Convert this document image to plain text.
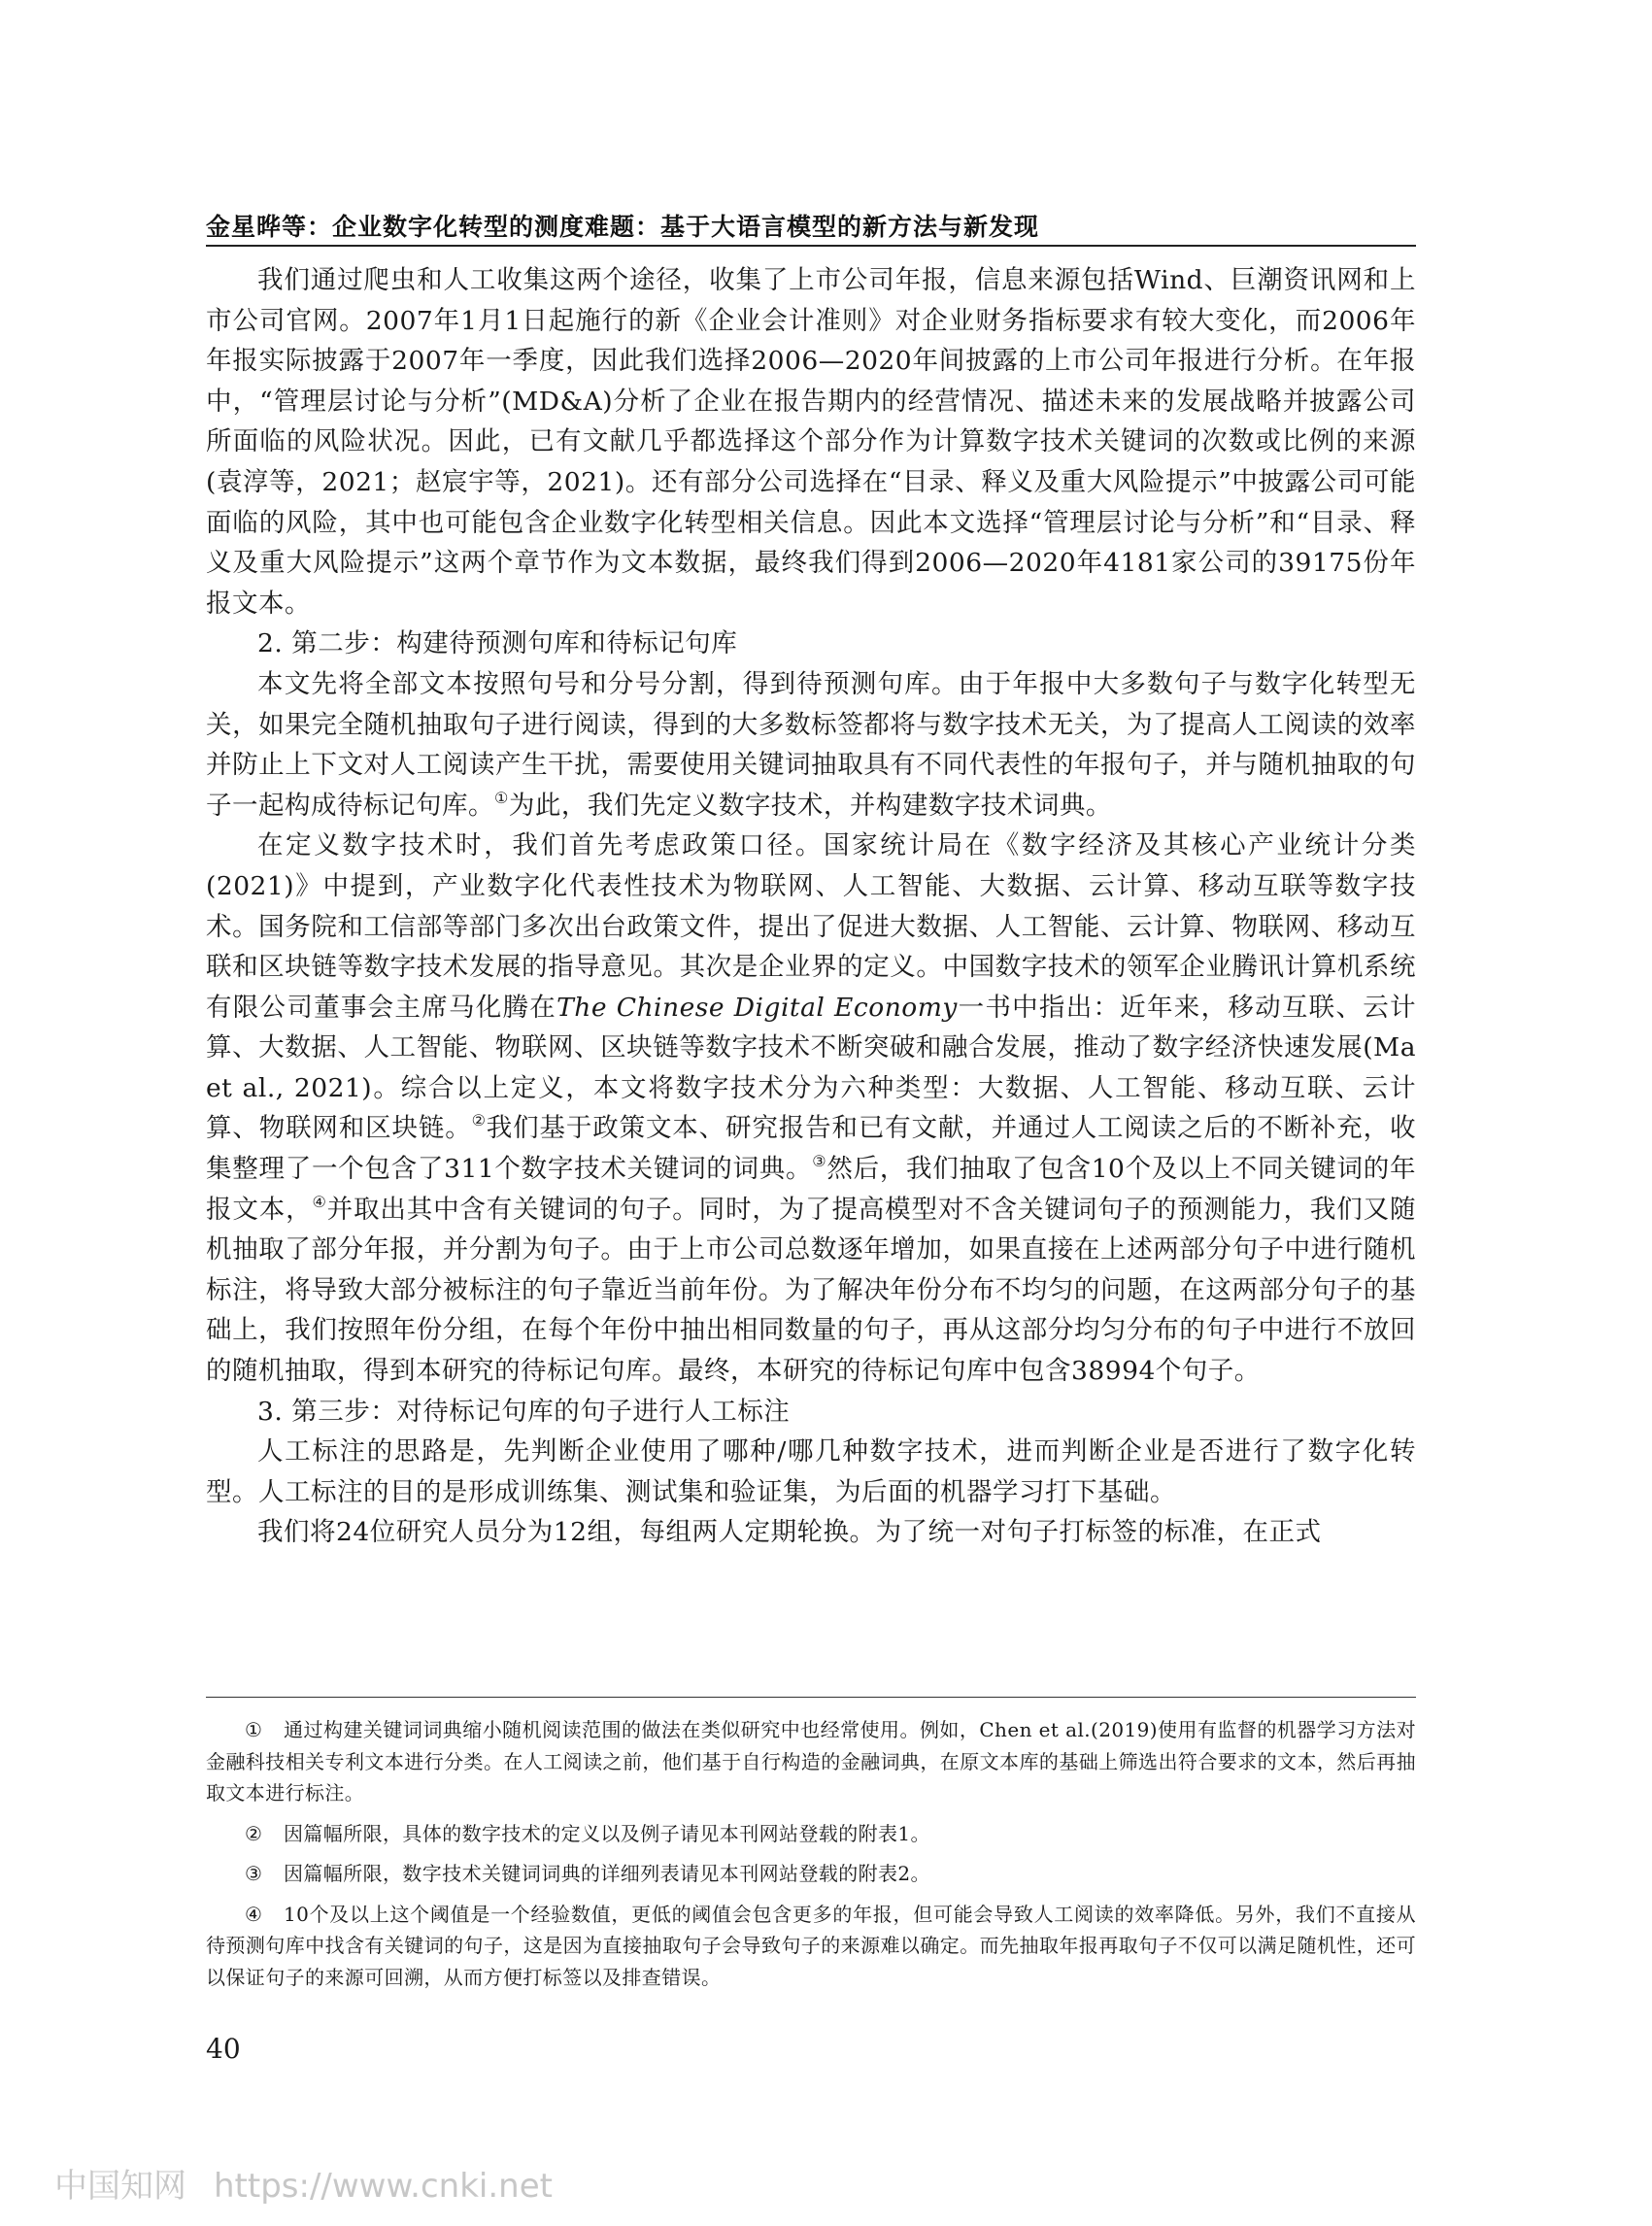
金星晔等：企业数字化转型的测度难题：基于大语言模型的新方法与新发现

我们通过爬虫和人工收集这两个途径，收集了上市公司年报，信息来源包括Wind、巨潮资讯网和上市公司官网。2007年1月1日起施行的新《企业会计准则》对企业财务指标要求有较大变化，而2006年年报实际披露于2007年一季度，因此我们选择2006—2020年间披露的上市公司年报进行分析。在年报中，“管理层讨论与分析”(MD&A)分析了企业在报告期内的经营情况、描述未来的发展战略并披露公司所面临的风险状况。因此，已有文献几乎都选择这个部分作为计算数字技术关键词的次数或比例的来源(袁淳等，2021；赵宸宇等，2021)。还有部分公司选择在“目录、释义及重大风险提示”中披露公司可能面临的风险，其中也可能包含企业数字化转型相关信息。因此本文选择“管理层讨论与分析”和“目录、释义及重大风险提示”这两个章节作为文本数据，最终我们得到2006—2020年4181家公司的39175份年报文本。

2. 第二步：构建待预测句库和待标记句库

本文先将全部文本按照句号和分号分割，得到待预测句库。由于年报中大多数句子与数字化转型无关，如果完全随机抽取句子进行阅读，得到的大多数标签都将与数字技术无关，为了提高人工阅读的效率并防止上下文对人工阅读产生干扰，需要使用关键词抽取具有不同代表性的年报句子，并与随机抽取的句子一起构成待标记句库。①为此，我们先定义数字技术，并构建数字技术词典。

在定义数字技术时，我们首先考虑政策口径。国家统计局在《数字经济及其核心产业统计分类(2021)》中提到，产业数字化代表性技术为物联网、人工智能、大数据、云计算、移动互联等数字技术。国务院和工信部等部门多次出台政策文件，提出了促进大数据、人工智能、云计算、物联网、移动互联和区块链等数字技术发展的指导意见。其次是企业界的定义。中国数字技术的领军企业腾讯计算机系统有限公司董事会主席马化腾在The Chinese Digital Economy一书中指出：近年来，移动互联、云计算、大数据、人工智能、物联网、区块链等数字技术不断突破和融合发展，推动了数字经济快速发展(Ma et al., 2021)。综合以上定义，本文将数字技术分为六种类型：大数据、人工智能、移动互联、云计算、物联网和区块链。②我们基于政策文本、研究报告和已有文献，并通过人工阅读之后的不断补充，收集整理了一个包含了311个数字技术关键词的词典。③然后，我们抽取了包含10个及以上不同关键词的年报文本，④并取出其中含有关键词的句子。同时，为了提高模型对不含关键词句子的预测能力，我们又随机抽取了部分年报，并分割为句子。由于上市公司总数逐年增加，如果直接在上述两部分句子中进行随机标注，将导致大部分被标注的句子靠近当前年份。为了解决年份分布不均匀的问题，在这两部分句子的基础上，我们按照年份分组，在每个年份中抽出相同数量的句子，再从这部分均匀分布的句子中进行不放回的随机抽取，得到本研究的待标记句库。最终，本研究的待标记句库中包含38994个句子。

3. 第三步：对待标记句库的句子进行人工标注

人工标注的思路是，先判断企业使用了哪种/哪几种数字技术，进而判断企业是否进行了数字化转型。人工标注的目的是形成训练集、测试集和验证集，为后面的机器学习打下基础。

我们将24位研究人员分为12组，每组两人定期轮换。为了统一对句子打标签的标准，在正式

① 通过构建关键词词典缩小随机阅读范围的做法在类似研究中也经常使用。例如，Chen et al.(2019)使用有监督的机器学习方法对金融科技相关专利文本进行分类。在人工阅读之前，他们基于自行构造的金融词典，在原文本库的基础上筛选出符合要求的文本，然后再抽取文本进行标注。

② 因篇幅所限，具体的数字技术的定义以及例子请见本刊网站登载的附表1。

③ 因篇幅所限，数字技术关键词词典的详细列表请见本刊网站登载的附表2。

④ 10个及以上这个阈值是一个经验数值，更低的阈值会包含更多的年报，但可能会导致人工阅读的效率降低。另外，我们不直接从待预测句库中找含有关键词的句子，这是因为直接抽取句子会导致句子的来源难以确定。而先抽取年报再取句子不仅可以满足随机性，还可以保证句子的来源可回溯，从而方便打标签以及排查错误。

40
中国知网 https://www.cnki.net
